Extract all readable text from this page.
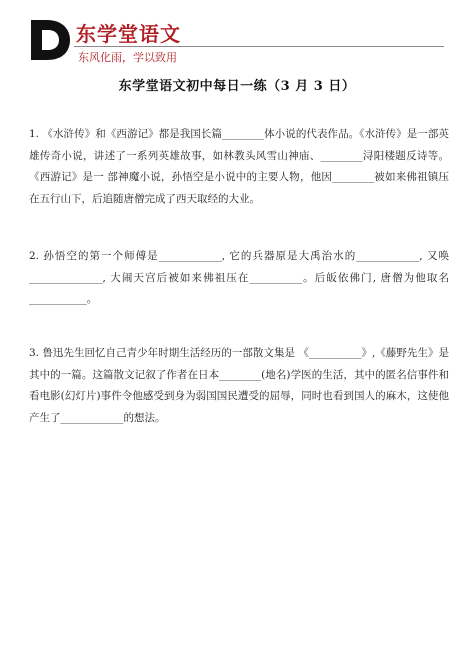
东学堂语文
东风化雨，学以致用
东学堂语文初中每日一练（3 月 3 日）
1. 《水浒传》和《西游记》都是我国长篇________体小说的代表作品。《水浒传》是一部英雄传奇小说，讲述了一系列英雄故事，如林教头风雪山神庙、________浔阳楼题反诗等。《西游记》是一 部神魔小说，孙悟空是小说中的主要人物，他因________被如来佛祖镇压在五行山下，后追随唐僧完成了西天取经的大业。
2. 孙悟空的第一个师傅是____________, 它的兵器原是大禹治水的____________, 又唤______________, 大闹天宫后被如来佛祖压在__________。后皈依佛门, 唐僧为他取名___________。
3. 鲁迅先生回忆自己青少年时期生活经历的一部散文集是 《__________》,《藤野先生》是其中的一篇。这篇散文记叙了作者在日本________(地名)学医的生活，其中的匿名信事件和看电影(幻灯片)事件令他感受到身为弱国国民遭受的屈辱，同时也看到国人的麻木，这使他产生了____________的想法。
